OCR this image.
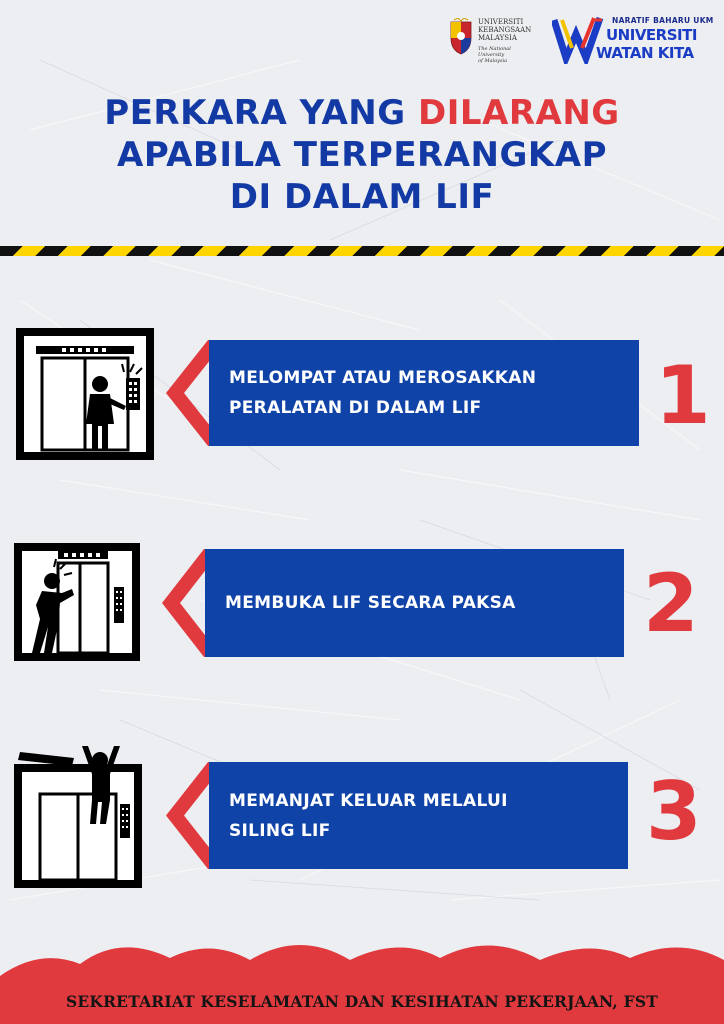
UNIVERSITI
KEBANGSAAN
MALAYSIA
The National University
of Malaysia
NARATIF BAHARU UKM
UNIVERSITI
WATAN KITA
PERKARA YANG DILARANG
APABILA TERPERANGKAP
DI DALAM LIF
MELOMPAT ATAU MEROSAKKAN
PERALATAN DI DALAM LIF	1
MEMBUKA LIF SECARA PAKSA 2
MEMANJAT KELUAR MELALUI
SILING LIF	3
SEKRETARIAT KESELAMATAN DAN KESIHATAN PEKERJAAN, FST
